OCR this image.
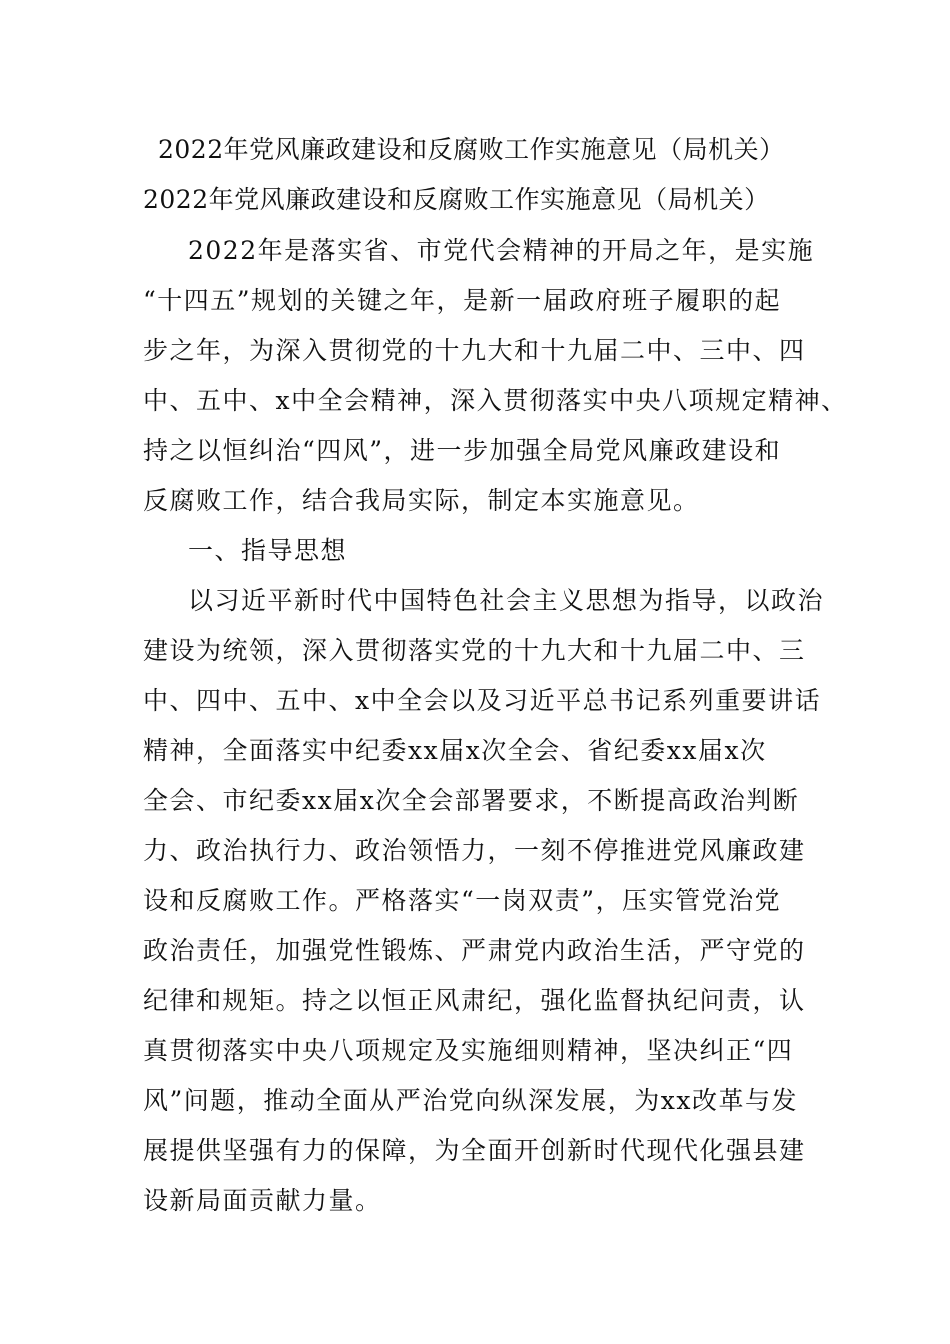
2022年党风廉政建设和反腐败工作实施意见（局机关）
2022年党风廉政建设和反腐败工作实施意见（局机关）
2022年是落实省、市党代会精神的开局之年，是实施
“十四五”规划的关键之年，是新一届政府班子履职的起
步之年，为深入贯彻党的十九大和十九届二中、三中、四
中、五中、x中全会精神，深入贯彻落实中央八项规定精神、
持之以恒纠治“四风”，进一步加强全局党风廉政建设和
反腐败工作，结合我局实际，制定本实施意见。
一、指导思想
以习近平新时代中国特色社会主义思想为指导，以政治
建设为统领，深入贯彻落实党的十九大和十九届二中、三
中、四中、五中、x中全会以及习近平总书记系列重要讲话
精神，全面落实中纪委xx届x次全会、省纪委xx届x次
全会、市纪委xx届x次全会部署要求，不断提高政治判断
力、政治执行力、政治领悟力，一刻不停推进党风廉政建
设和反腐败工作。严格落实“一岗双责”，压实管党治党
政治责任，加强党性锻炼、严肃党内政治生活，严守党的
纪律和规矩。持之以恒正风肃纪，强化监督执纪问责，认
真贯彻落实中央八项规定及实施细则精神，坚决纠正“四
风”问题，推动全面从严治党向纵深发展，为xx改革与发
展提供坚强有力的保障，为全面开创新时代现代化强县建
设新局面贡献力量。
